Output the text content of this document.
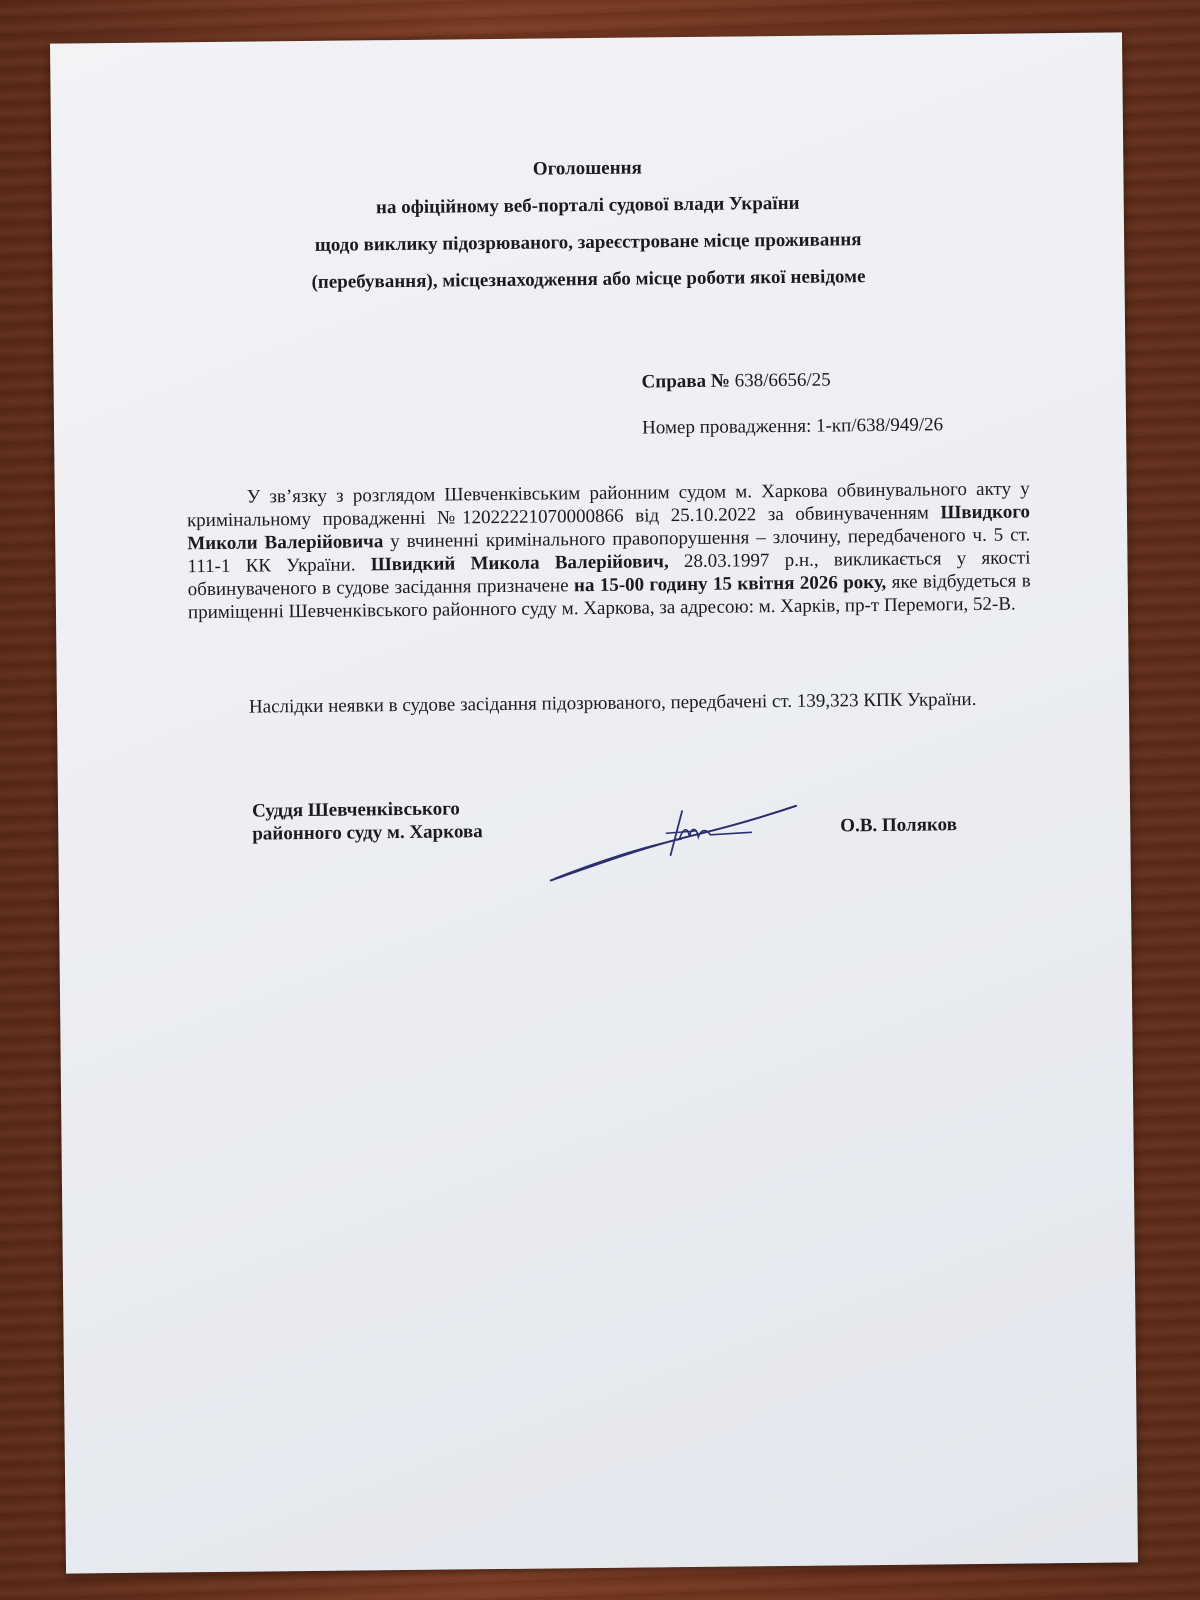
Оголошення
на офіційному веб-порталі судової влади України
щодо виклику підозрюваного, зареєстроване місце проживання
(перебування), місцезнаходження або місце роботи якої невідоме
Справа № 638/6656/25
Номер провадження: 1-кп/638/949/26
У зв’язку з розглядом Шевченківським районним судом м. Харкова обвинувального акту у кримінальному провадженні №12022221070000866 від 25.10.2022 за обвинуваченням Швидкого Миколи Валерійовича у вчиненні кримінального правопорушення – злочину, передбаченого ч. 5 ст. 111-1 КК України. Швидкий Микола Валерійович, 28.03.1997 р.н., викликається у якості обвинуваченого в судове засідання призначене на 15-00 годину 15 квітня 2026 року, яке відбудеться в приміщенні Шевченківського районного суду м. Харкова, за адресою: м. Харків, пр-т Перемоги, 52-В.
Наслідки неявки в судове засідання підозрюваного, передбачені ст. 139,323 КПК України.
Суддя Шевченківського
районного суду м. Харкова	О.В. Поляков
